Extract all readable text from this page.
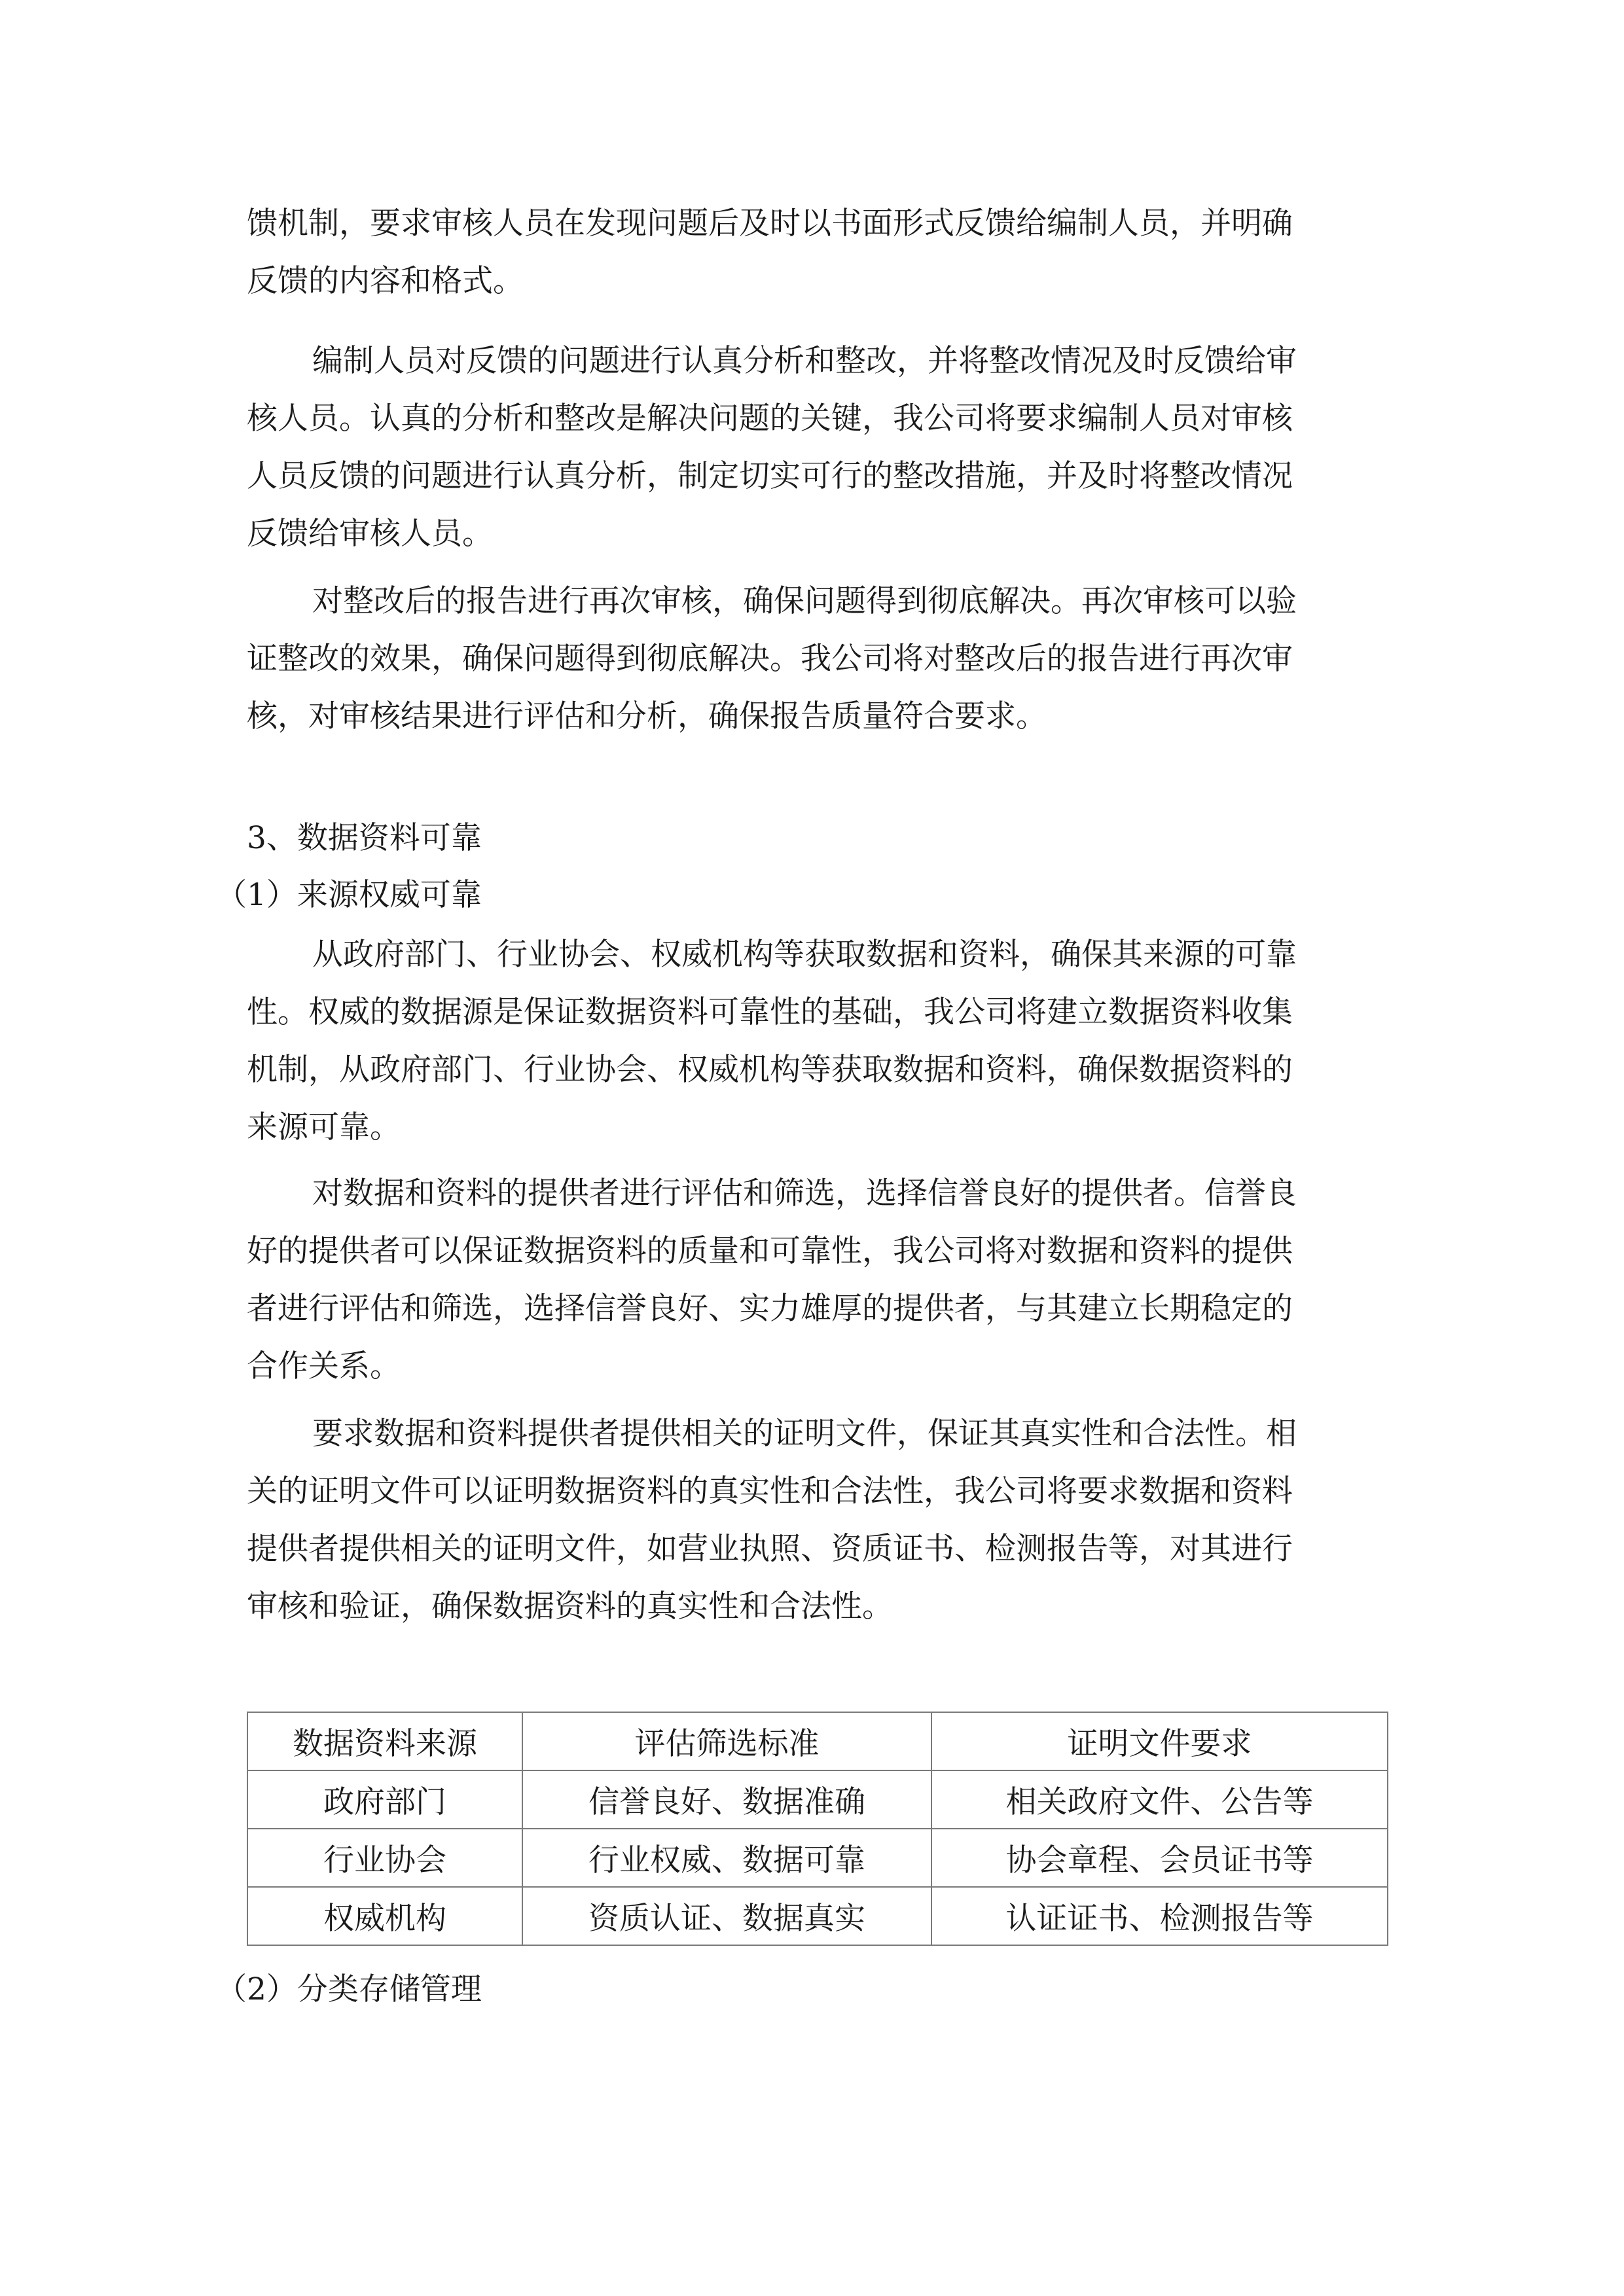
馈机制，要求审核人员在发现问题后及时以书面形式反馈给编制人员，并明确
反馈的内容和格式。
编制人员对反馈的问题进行认真分析和整改，并将整改情况及时反馈给审
核人员。认真的分析和整改是解决问题的关键，我公司将要求编制人员对审核
人员反馈的问题进行认真分析，制定切实可行的整改措施，并及时将整改情况
反馈给审核人员。
对整改后的报告进行再次审核，确保问题得到彻底解决。再次审核可以验
证整改的效果，确保问题得到彻底解决。我公司将对整改后的报告进行再次审
核，对审核结果进行评估和分析，确保报告质量符合要求。
3、数据资料可靠
（1）来源权威可靠
从政府部门、行业协会、权威机构等获取数据和资料，确保其来源的可靠
性。权威的数据源是保证数据资料可靠性的基础，我公司将建立数据资料收集
机制，从政府部门、行业协会、权威机构等获取数据和资料，确保数据资料的
来源可靠。
对数据和资料的提供者进行评估和筛选，选择信誉良好的提供者。信誉良
好的提供者可以保证数据资料的质量和可靠性，我公司将对数据和资料的提供
者进行评估和筛选，选择信誉良好、实力雄厚的提供者，与其建立长期稳定的
合作关系。
要求数据和资料提供者提供相关的证明文件，保证其真实性和合法性。相
关的证明文件可以证明数据资料的真实性和合法性，我公司将要求数据和资料
提供者提供相关的证明文件，如营业执照、资质证书、检测报告等，对其进行
审核和验证，确保数据资料的真实性和合法性。
数据资料来源	评估筛选标准	证明文件要求
政府部门	信誉良好、数据准确	相关政府文件、公告等
行业协会	行业权威、数据可靠	协会章程、会员证书等
权威机构	资质认证、数据真实	认证证书、检测报告等
（2）分类存储管理
